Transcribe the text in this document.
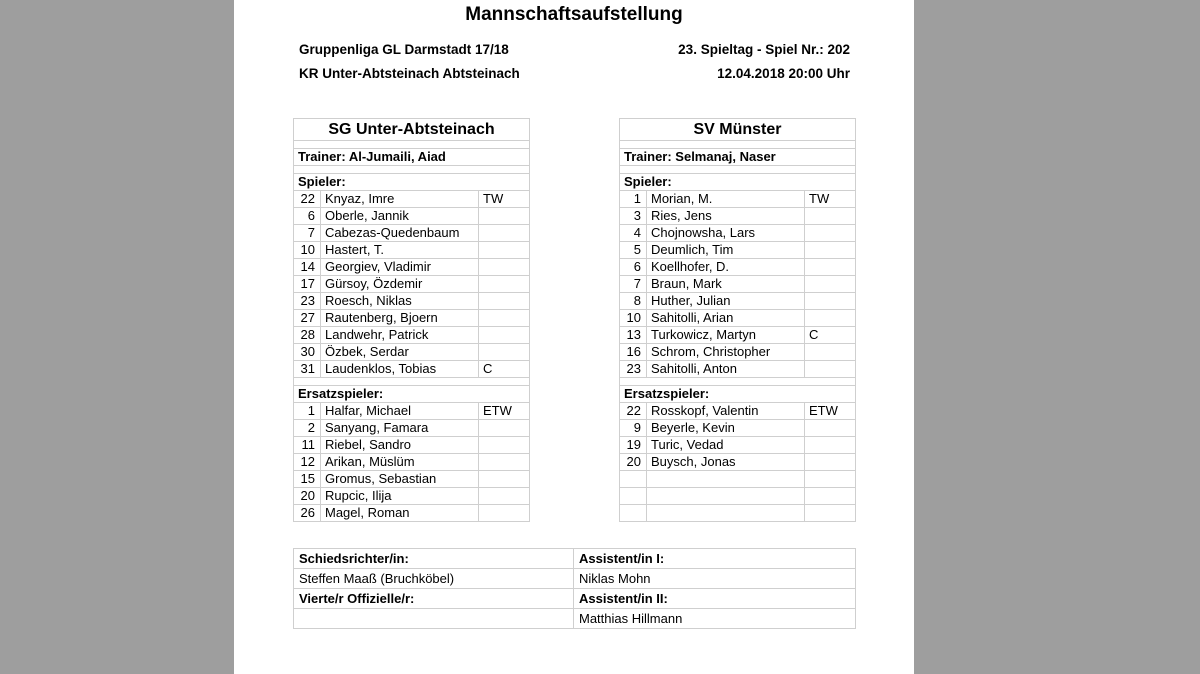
Mannschaftsaufstellung
Gruppenliga GL Darmstadt 17/18	23. Spieltag - Spiel Nr.: 202
KR Unter-Abtsteinach Abtsteinach	12.04.2018 20:00 Uhr
SG Unter-Abtsteinach		

Trainer: Al-Jumaili, Aiad		

Spieler:		
22	Knyaz, Imre	TW
6	Oberle, Jannik	
7	Cabezas-Quedenbaum	
10	Hastert, T.	
14	Georgiev, Vladimir	
17	Gürsoy, Özdemir	
23	Roesch, Niklas	
27	Rautenberg, Bjoern	
28	Landwehr, Patrick	
30	Özbek, Serdar	
31	Laudenklos, Tobias	C

Ersatzspieler:		
1	Halfar, Michael	ETW
2	Sanyang, Famara	
11	Riebel, Sandro	
12	Arikan, Müslüm	
15	Gromus, Sebastian	
20	Rupcic, Ilija	
26	Magel, Roman	
SV Münster		

Trainer: Selmanaj, Naser		

Spieler:		
1	Morian, M.	TW
3	Ries, Jens	
4	Chojnowsha, Lars	
5	Deumlich, Tim	
6	Koellhofer, D.	
7	Braun, Mark	
8	Huther, Julian	
10	Sahitolli, Arian	
13	Turkowicz, Martyn	C
16	Schrom, Christopher	
23	Sahitolli, Anton	

Ersatzspieler:		
22	Rosskopf, Valentin	ETW
9	Beyerle, Kevin	
19	Turic, Vedad	
20	Buysch, Jonas	

Schiedsrichter/in:	Assistent/in I:
Steffen Maaß (Bruchköbel)	Niklas Mohn
Vierte/r Offizielle/r:	Assistent/in II:
	Matthias Hillmann
